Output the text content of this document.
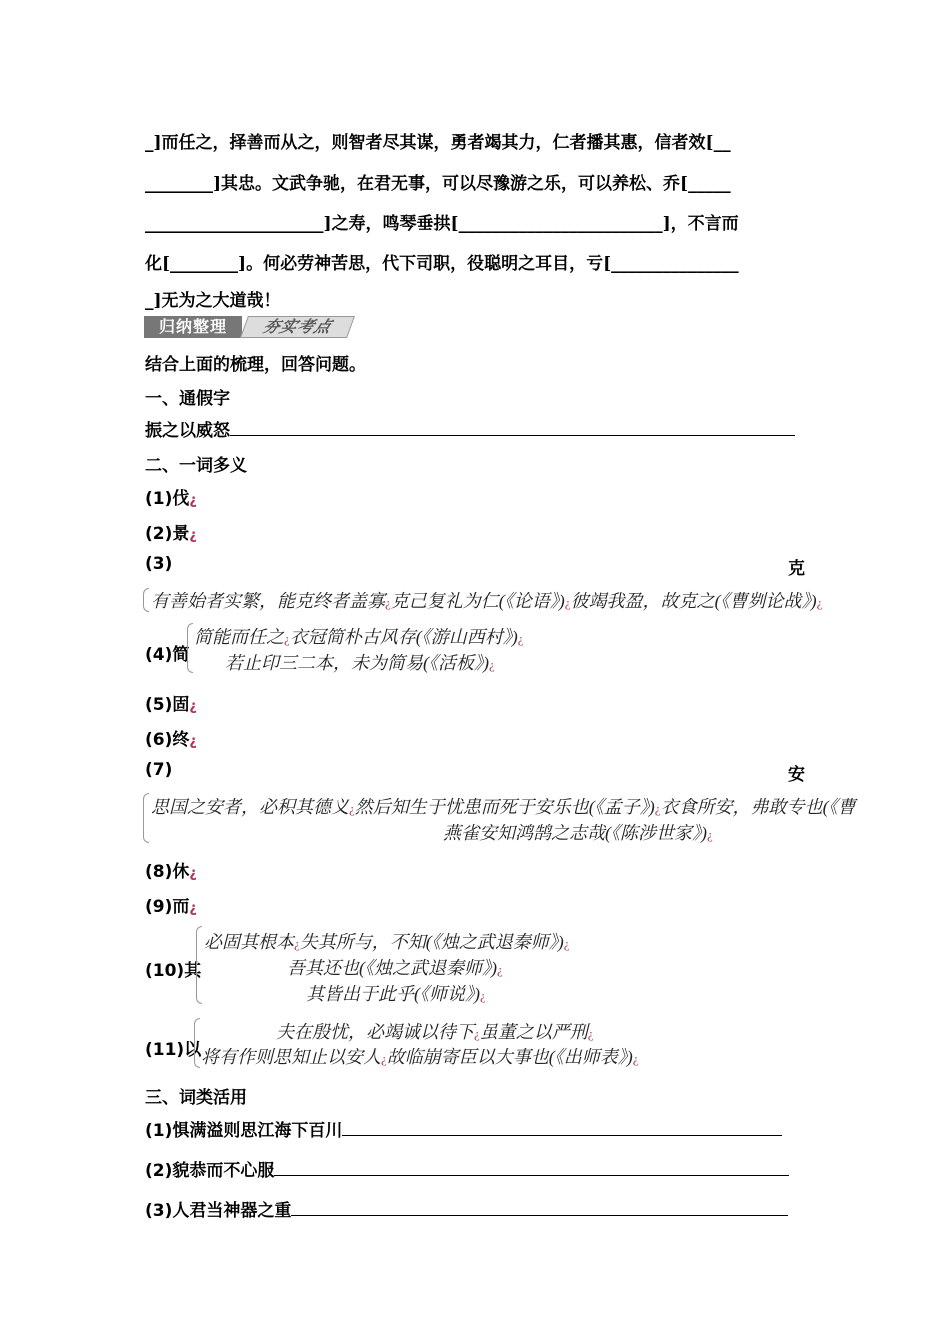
_]而任之，择善而从之，则智者尽其谋，勇者竭其力，仁者播其惠，信者效[__
________]其忠。文武争驰，在君无事，可以尽豫游之乐，可以养松、乔[_____
_____________________]之寿，鸣琴垂拱[________________________]，不言而
化[________]。何必劳神苦思，代下司职，役聪明之耳目，亏[_______________
_]无为之大道哉！
归纳整理	夯实考点
结合上面的梳理，回答问题。
一、通假字
振之以威怒
二、一词多义
(1)伐¿
(2)景¿
(3)	克
有善始者实繁，能克终者盖寡¿克己复礼为仁(《论语》)¿彼竭我盈，故克之(《曹刿论战》)¿
(4)简
简能而任之¿衣冠简朴古风存(《游山西村》)¿
若止印三二本，未为简易(《活板》)¿
(5)固¿
(6)终¿
(7)	安
思国之安者，必积其德义¿然后知生于忧患而死于安乐也(《孟子》)¿衣食所安，弗敢专也(《曹
燕雀安知鸿鹄之志哉(《陈涉世家》)¿
(8)休¿
(9)而¿
(10)其
必固其根本¿失其所与，不知(《烛之武退秦师》)¿
吾其还也(《烛之武退秦师》)¿
其皆出于此乎(《师说》)¿
(11)以
夫在殷忧，必竭诚以待下¿虽董之以严刑¿
将有作则思知止以安人¿故临崩寄臣以大事也(《出师表》)¿
三、词类活用
(1)惧满溢则思江海下百川
(2)貌恭而不心服
(3)人君当神器之重
